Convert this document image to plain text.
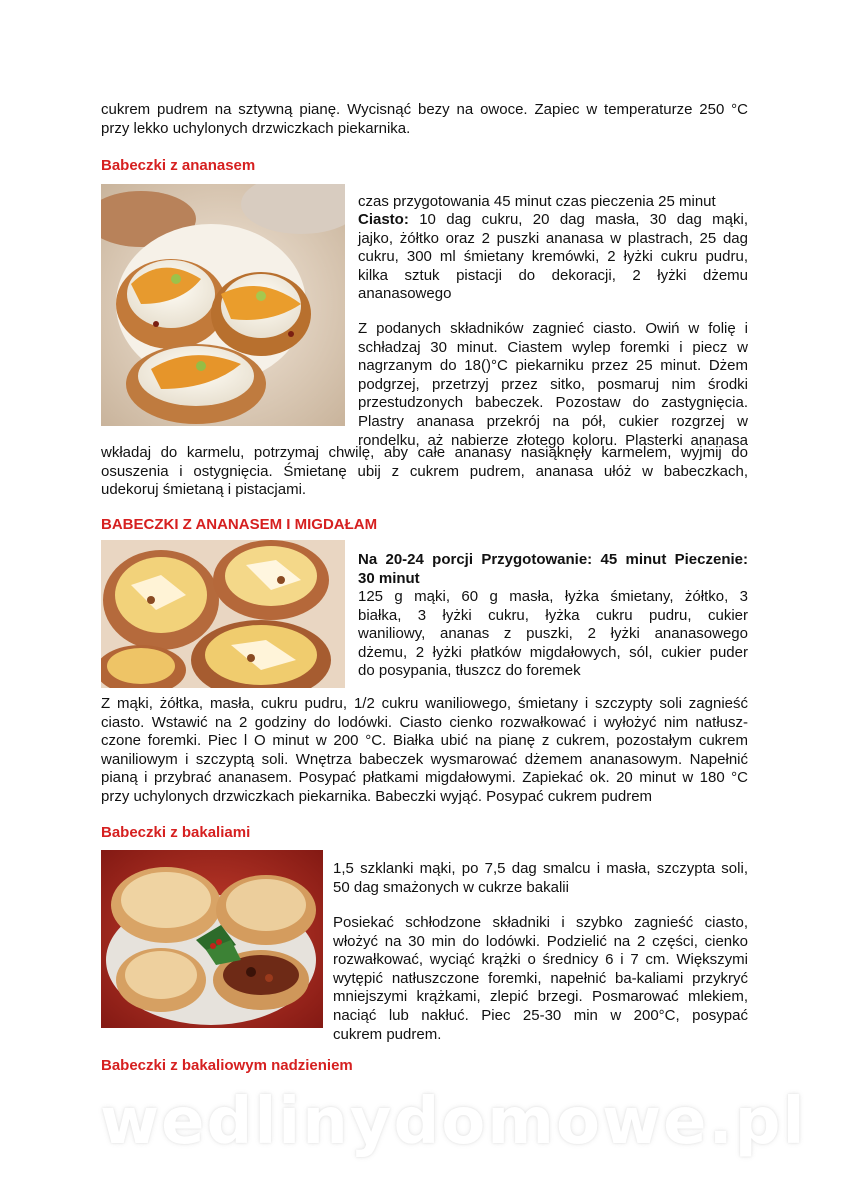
cukrem pudrem na sztywną pianę. Wycisnąć bezy na owoce. Zapiec w temperaturze 250 °C
przy lekko uchylonych drzwiczkach piekarnika.
Babeczki z ananasem
czas przygotowania 45 minut czas pieczenia 25 minut
Ciasto: 10 dag cukru, 20 dag masła, 30 dag mąki,
jajko, żółtko oraz 2 puszki ananasa w plastrach, 25 dag
cukru, 300 ml śmietany kremówki, 2 łyżki cukru pudru,
kilka sztuk pistacji do dekoracji, 2 łyżki dżemu
ananasowego
Z podanych składników zagnieć ciasto. Owiń w folię i
schładzaj 30 minut. Ciastem wylep foremki i piecz w
nagrzanym do 18()°C piekarniku przez 25 minut. Dżem
podgrzej, przetrzyj przez sitko, posmaruj nim środki
przestudzonych babeczek. Pozostaw do zastygnięcia.
Plastry ananasa przekrój na pół, cukier rozgrzej w
rondelku, aż nabierze złotego koloru. Plasterki ananasa
wkładaj do karmelu, potrzymaj chwilę, aby całe ananasy nasiąknęły karmelem, wyjmij do
osuszenia i ostygnięcia. Śmietanę ubij z cukrem pudrem, ananasa ułóż w babeczkach,
udekoruj śmietaną i pistacjami.
BABECZKI Z ANANASEM I MIGDAŁAM
Na 20-24 porcji Przygotowanie: 45 minut Pieczenie:
30 minut
125 g mąki, 60 g masła, łyżka śmietany, żółtko, 3
białka, 3 łyżki cukru, łyżka cukru pudru, cukier
waniliowy, ananas z puszki, 2 łyżki ananasowego
dżemu, 2 łyżki płatków migdałowych, sól, cukier puder
do posypania, tłuszcz do foremek
Z mąki, żółtka, masła, cukru pudru, 1/2 cukru waniliowego, śmietany i szczypty soli zagnieść
ciasto. Wstawić na 2 godziny do lodówki. Ciasto cienko rozwałkować i wyłożyć nim natłusz-
czone foremki. Piec l O minut w 200 °C. Białka ubić na pianę z cukrem, pozostałym cukrem
waniliowym i szczyptą soli. Wnętrza babeczek wysmarować dżemem ananasowym. Napełnić
pianą i przybrać ananasem. Posypać płatkami migdałowymi. Zapiekać ok. 20 minut w 180 °C
przy uchylonych drzwiczkach piekarnika. Babeczki wyjąć. Posypać cukrem pudrem
Babeczki z bakaliami
1,5 szklanki mąki, po 7,5 dag smalcu i masła, szczypta soli,
50 dag smażonych w cukrze bakalii
Posiekać schłodzone składniki i szybko zagnieść ciasto,
włożyć na 30 min do lodówki. Podzielić na 2 części, cienko
rozwałkować, wyciąć krążki o średnicy 6 i 7 cm. Większymi
wytępić natłuszczone foremki, napełnić ba-kaliami przykryć
mniejszymi krążkami, zlepić brzegi. Posmarować mlekiem,
naciąć lub nakłuć. Piec 25-30 min w 200°C, posypać
cukrem pudrem.
Babeczki z bakaliowym nadzieniem
wedlinydomowe.pl
